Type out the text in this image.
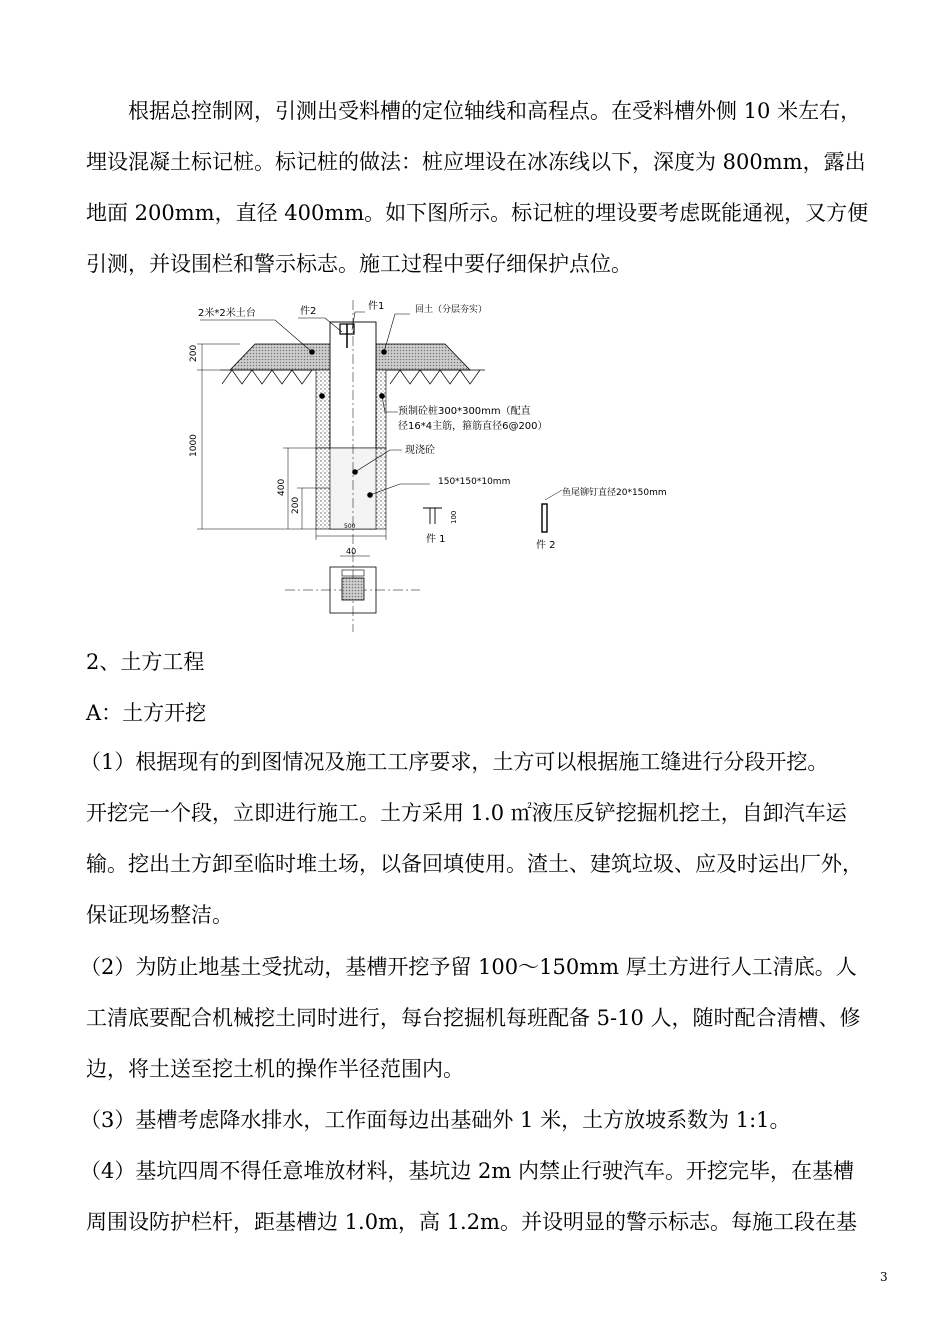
　　根据总控制网，引测出受料槽的定位轴线和高程点。在受料槽外侧 10 米左右，
埋设混凝土标记桩。标记桩的做法：桩应埋设在冰冻线以下，深度为 800mm，露出
地面 200mm，直径 400mm。如下图所示。标记桩的埋设要考虑既能通视，又方便
引测，并设围栏和警示标志。施工过程中要仔细保护点位。
200
1000
400
200
500
2米*2米土台	件2	件1	回土（分层夯实）
预制砼桩300*300mm（配直
径16*4主筋，箍筋直径6@200）
现浇砼
150*150*10mm
100
件 1
鱼尾铆钉直径20*150mm
件 2
40
2、土方工程
A：土方开挖
（1）根据现有的到图情况及施工工序要求，土方可以根据施工缝进行分段开挖。
开挖完一个段，立即进行施工。土方采用 1.0 ㎡液压反铲挖掘机挖土，自卸汽车运
输。挖出土方卸至临时堆土场，以备回填使用。渣土、建筑垃圾、应及时运出厂外，
保证现场整洁。
（2）为防止地基土受扰动，基槽开挖予留 100～150mm 厚土方进行人工清底。人
工清底要配合机械挖土同时进行，每台挖掘机每班配备 5-10 人，随时配合清槽、修
边，将土送至挖土机的操作半径范围内。
（3）基槽考虑降水排水，工作面每边出基础外 1 米，土方放坡系数为 1:1。
（4）基坑四周不得任意堆放材料，基坑边 2m 内禁止行驶汽车。开挖完毕，在基槽
周围设防护栏杆，距基槽边 1.0m，高 1.2m。并设明显的警示标志。每施工段在基
3
